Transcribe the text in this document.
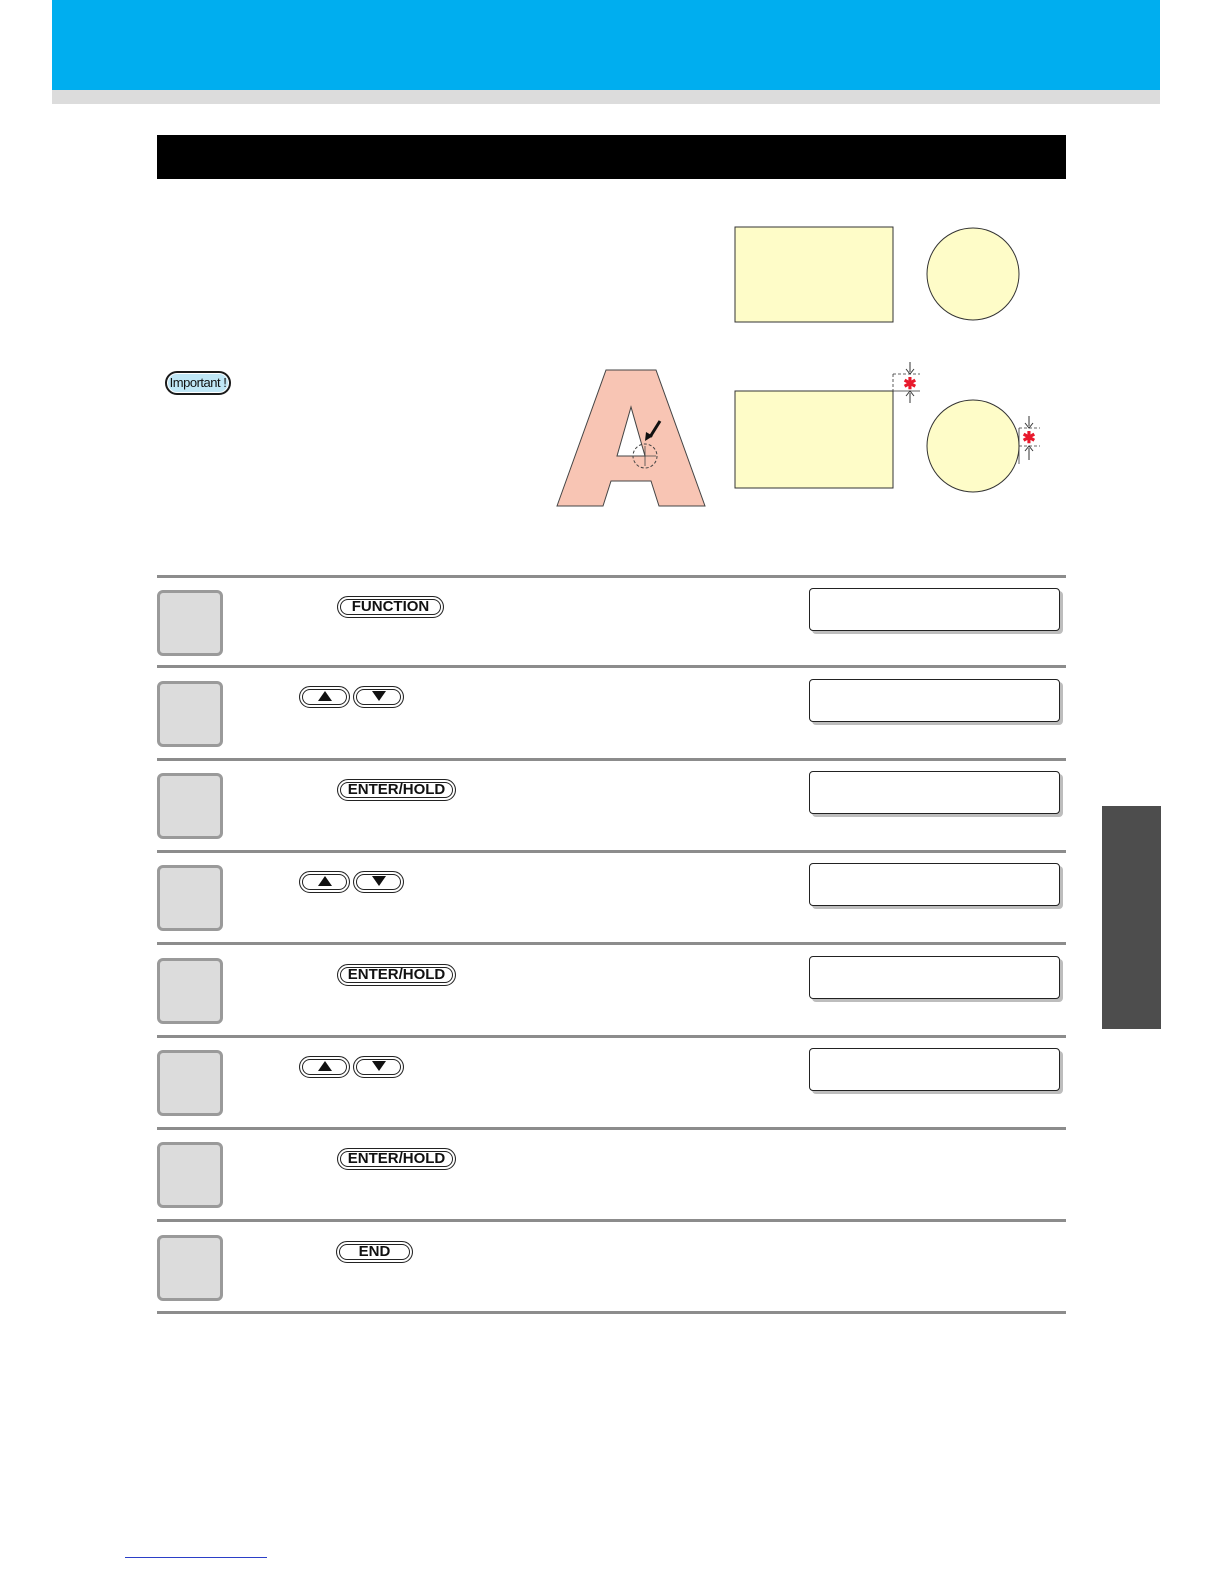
Important !	✱
✱
FUNCTION
ENTER/HOLD
ENTER/HOLD
ENTER/HOLD
END
